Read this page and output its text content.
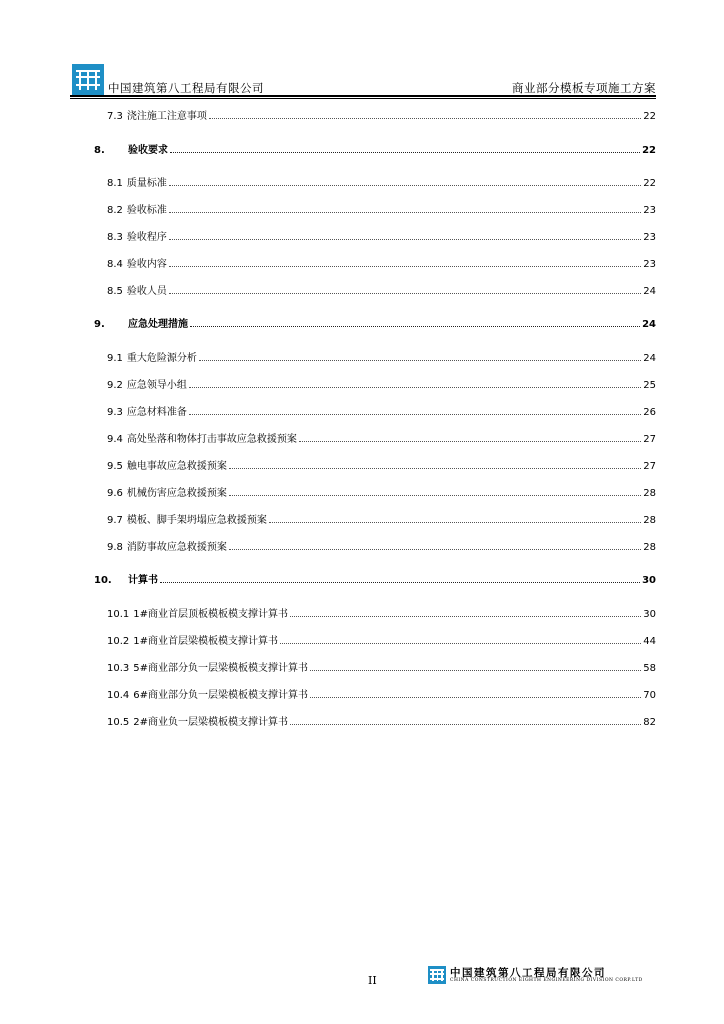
中国建筑第八工程局有限公司	商业部分模板专项施工方案
7.3 浇注施工注意事项	22
8.	验收要求	22
8.1 质量标准	22
8.2 验收标准	23
8.3 验收程序	23
8.4 验收内容	23
8.5 验收人员	24
9.	应急处理措施	24
9.1 重大危险源分析	24
9.2 应急领导小组	25
9.3 应急材料准备	26
9.4 高处坠落和物体打击事故应急救援预案	27
9.5 触电事故应急救援预案	27
9.6 机械伤害应急救援预案	28
9.7 模板、脚手架坍塌应急救援预案	28
9.8 消防事故应急救援预案	28
10.	计算书	30
10.1 1#商业首层顶板模板模支撑计算书	30
10.2 1#商业首层梁模板模支撑计算书	44
10.3 5#商业部分负一层梁模板模支撑计算书	58
10.4 6#商业部分负一层梁模板模支撑计算书	70
10.5 2#商业负一层梁模板模支撑计算书	82
II
中国建筑第八工程局有限公司
CHINA CONSTRUCTION EIGHTH ENGINEERING DIVISION CORP.LTD
